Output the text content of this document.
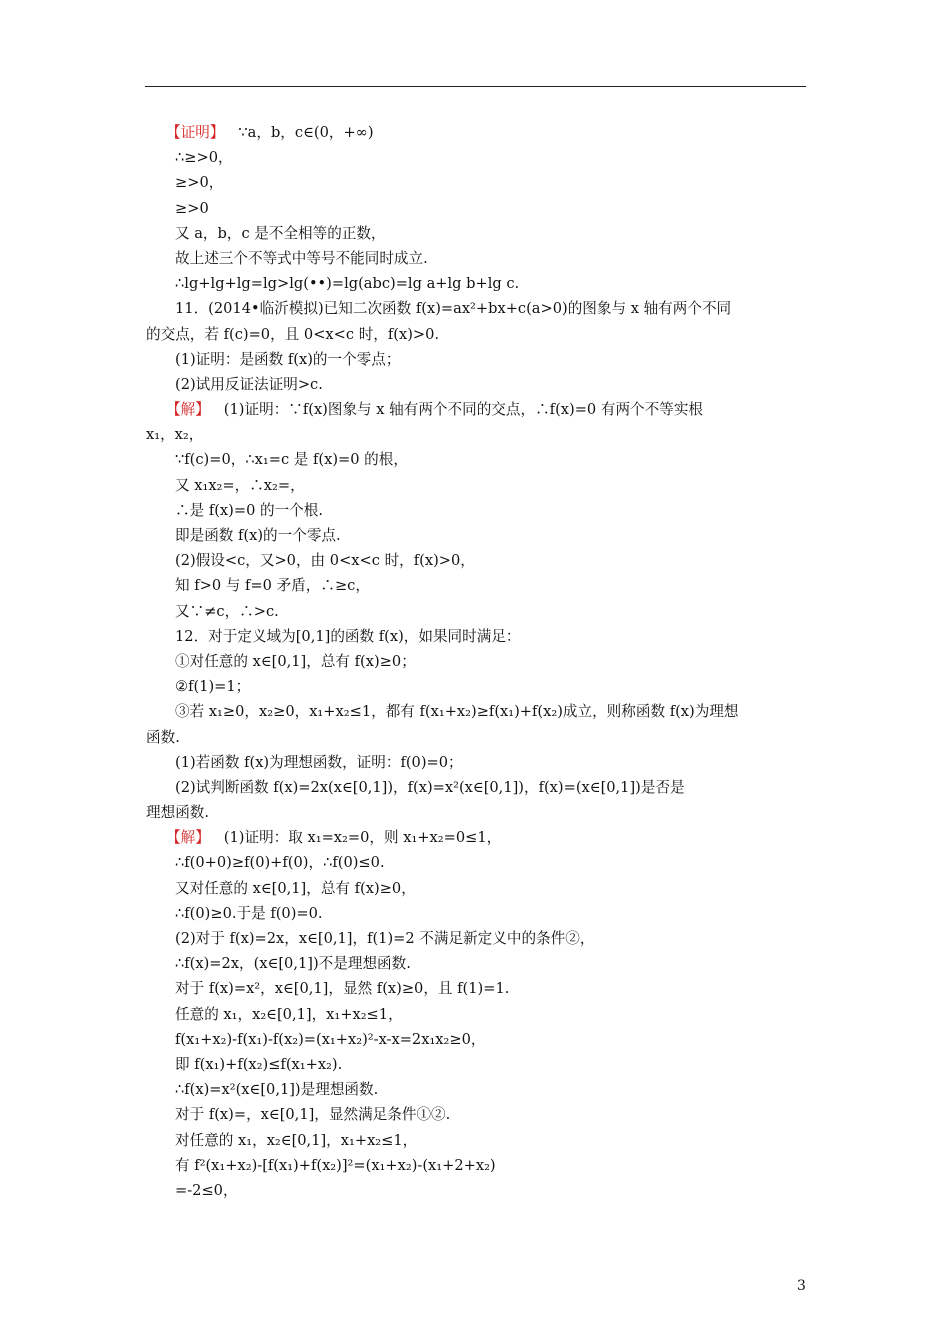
【证明】 ∵a，b，c∈(0，+∞)
∴≥>0，
≥>0，
≥>0
又 a，b，c 是不全相等的正数，
故上述三个不等式中等号不能同时成立.
∴lg+lg+lg=lg>lg(••)=lg(abc)=lg a+lg b+lg c.
11．(2014•临沂模拟)已知二次函数 f(x)=ax²+bx+c(a>0)的图象与 x 轴有两个不同
的交点，若 f(c)=0，且 0<x<c 时，f(x)>0.
(1)证明：是函数 f(x)的一个零点；
(2)试用反证法证明>c.
【解】 (1)证明：∵f(x)图象与 x 轴有两个不同的交点，∴f(x)=0 有两个不等实根
x₁，x₂，
∵f(c)=0，∴x₁=c 是 f(x)=0 的根，
又 x₁x₂=，∴x₂=，
∴是 f(x)=0 的一个根.
即是函数 f(x)的一个零点.
(2)假设<c，又>0，由 0<x<c 时，f(x)>0，
知 f>0 与 f=0 矛盾，∴≥c，
又∵≠c，∴>c.
12．对于定义域为[0,1]的函数 f(x)，如果同时满足：
①对任意的 x∈[0,1]，总有 f(x)≥0；
②f(1)=1；
③若 x₁≥0，x₂≥0，x₁+x₂≤1，都有 f(x₁+x₂)≥f(x₁)+f(x₂)成立，则称函数 f(x)为理想
函数.
(1)若函数 f(x)为理想函数，证明：f(0)=0；
(2)试判断函数 f(x)=2x(x∈[0,1])，f(x)=x²(x∈[0,1])，f(x)=(x∈[0,1])是否是
理想函数.
【解】 (1)证明：取 x₁=x₂=0，则 x₁+x₂=0≤1，
∴f(0+0)≥f(0)+f(0)，∴f(0)≤0.
又对任意的 x∈[0,1]，总有 f(x)≥0，
∴f(0)≥0.于是 f(0)=0.
(2)对于 f(x)=2x，x∈[0,1]，f(1)=2 不满足新定义中的条件②，
∴f(x)=2x，(x∈[0,1])不是理想函数.
对于 f(x)=x²，x∈[0,1]，显然 f(x)≥0，且 f(1)=1.
任意的 x₁，x₂∈[0,1]，x₁+x₂≤1，
f(x₁+x₂)-f(x₁)-f(x₂)=(x₁+x₂)²-x-x=2x₁x₂≥0，
即 f(x₁)+f(x₂)≤f(x₁+x₂).
∴f(x)=x²(x∈[0,1])是理想函数.
对于 f(x)=，x∈[0,1]，显然满足条件①②.
对任意的 x₁，x₂∈[0,1]，x₁+x₂≤1，
有 f²(x₁+x₂)-[f(x₁)+f(x₂)]²=(x₁+x₂)-(x₁+2+x₂)
=-2≤0，
3
